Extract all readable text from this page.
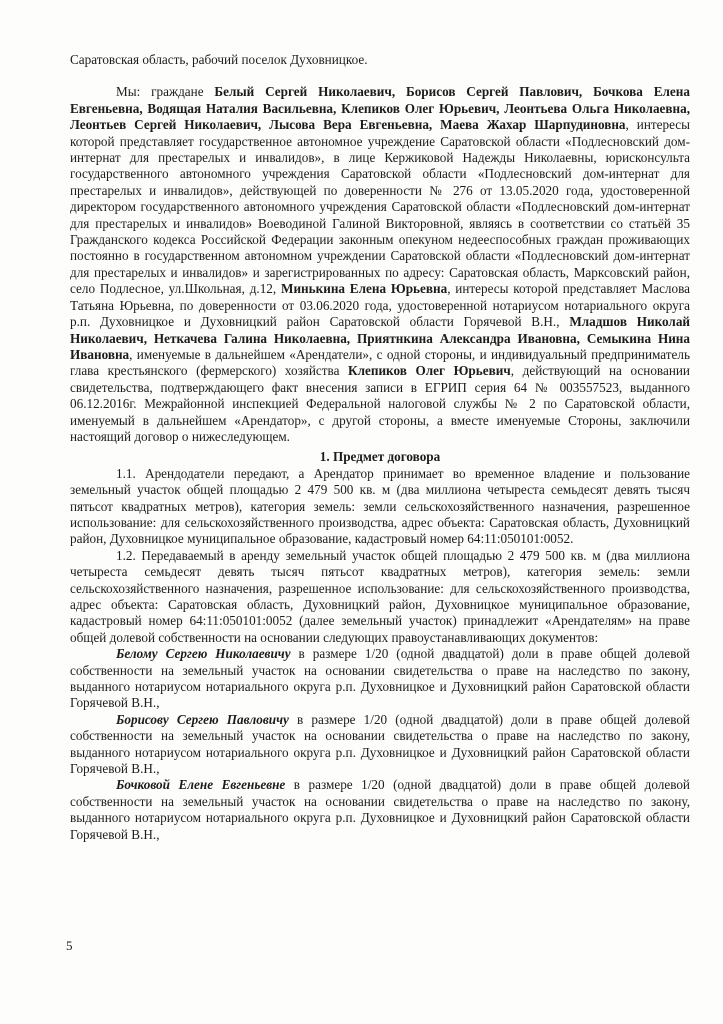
Саратовская область, рабочий поселок Духовницкое.

Мы: граждане Белый Сергей Николаевич, Борисов Сергей Павлович, Бочкова Елена Евгеньевна, Водящая Наталия Васильевна, Клепиков Олег Юрьевич, Леонтьева Ольга Николаевна, Леонтьев Сергей Николаевич, Лысова Вера Евгеньевна, Маева Жахар Шарпудиновна, интересы которой представляет государственное автономное учреждение Саратовской области «Подлесновский дом-интернат для престарелых и инвалидов», в лице Кержиковой Надежды Николаевны, юрисконсульта государственного автономного учреждения Саратовской области «Подлесновский дом-интернат для престарелых и инвалидов», действующей по доверенности № 276 от 13.05.2020 года, удостоверенной директором государственного автономного учреждения Саратовской области «Подлесновский дом-интернат для престарелых и инвалидов» Воеводиной Галиной Викторовной, являясь в соответствии со статьёй 35 Гражданского кодекса Российской Федерации законным опекуном недееспособных граждан проживающих постоянно в государственном автономном учреждении Саратовской области «Подлесновский дом-интернат для престарелых и инвалидов» и зарегистрированных по адресу: Саратовская область, Марксовский район, село Подлесное, ул.Школьная, д.12, Минькина Елена Юрьевна, интересы которой представляет Маслова Татьяна Юрьевна, по доверенности от 03.06.2020 года, удостоверенной нотариусом нотариального округа р.п. Духовницкое и Духовницкий район Саратовской области Горячевой В.Н., Младшов Николай Николаевич, Неткачева Галина Николаевна, Приятнкина Александра Ивановна, Семыкина Нина Ивановна, именуемые в дальнейшем «Арендатели», с одной стороны, и индивидуальный предприниматель глава крестьянского (фермерского) хозяйства Клепиков Олег Юрьевич, действующий на основании свидетельства, подтверждающего факт внесения записи в ЕГРИП серия 64 № 003557523, выданного 06.12.2016г. Межрайонной инспекцией Федеральной налоговой службы № 2 по Саратовской области, именуемый в дальнейшем «Арендатор», с другой стороны, а вместе именуемые Стороны, заключили настоящий договор о нижеследующем.

1. Предмет договора

1.1. Арендодатели передают, а Арендатор принимает во временное владение и пользование земельный участок общей площадью 2 479 500 кв. м (два миллиона четыреста семьдесят девять тысяч пятьсот квадратных метров), категория земель: земли сельскохозяйственного назначения, разрешенное использование: для сельскохозяйственного производства, адрес объекта: Саратовская область, Духовницкий район, Духовницкое муниципальное образование, кадастровый номер 64:11:050101:0052.

1.2. Передаваемый в аренду земельный участок общей площадью 2 479 500 кв. м (два миллиона четыреста семьдесят девять тысяч пятьсот квадратных метров), категория земель: земли сельскохозяйственного назначения, разрешенное использование: для сельскохозяйственного производства, адрес объекта: Саратовская область, Духовницкий район, Духовницкое муниципальное образование, кадастровый номер 64:11:050101:0052 (далее земельный участок) принадлежит «Арендателям» на праве общей долевой собственности на основании следующих правоустанавливающих документов:

Белому Сергею Николаевичу в размере 1/20 (одной двадцатой) доли в праве общей долевой собственности на земельный участок на основании свидетельства о праве на наследство по закону, выданного нотариусом нотариального округа р.п. Духовницкое и Духовницкий район Саратовской области Горячевой В.Н.,

Борисову Сергею Павловичу в размере 1/20 (одной двадцатой) доли в праве общей долевой собственности на земельный участок на основании свидетельства о праве на наследство по закону, выданного нотариусом нотариального округа р.п. Духовницкое и Духовницкий район Саратовской области Горячевой В.Н.,

Бочковой Елене Евгеньевне в размере 1/20 (одной двадцатой) доли в праве общей долевой собственности на земельный участок на основании свидетельства о праве на наследство по закону, выданного нотариусом нотариального округа р.п. Духовницкое и Духовницкий район Саратовской области Горячевой В.Н.,

5
